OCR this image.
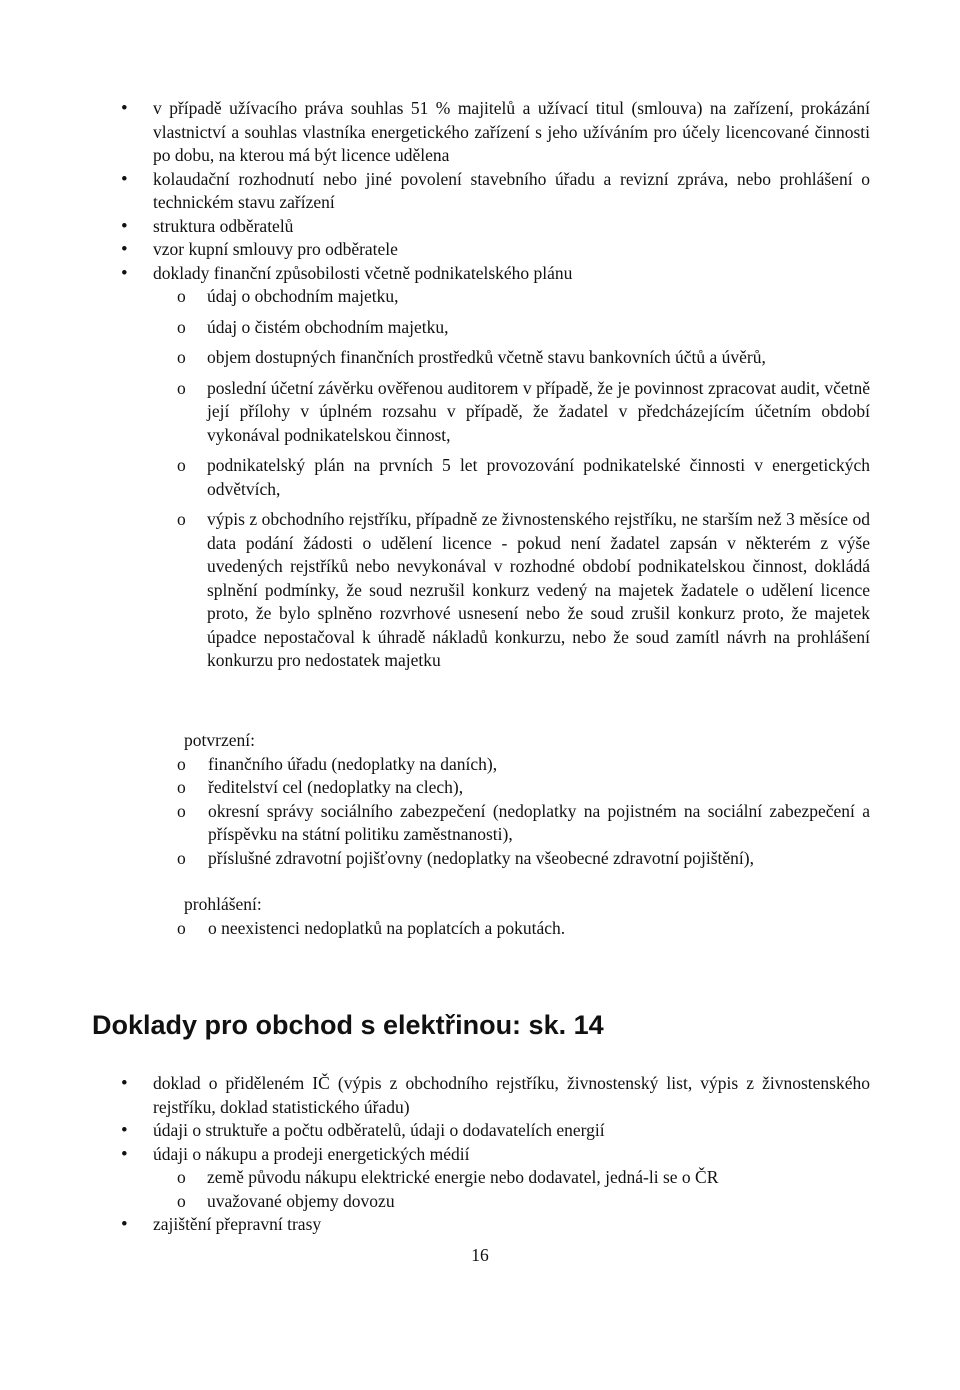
• v případě užívacího práva souhlas 51 % majitelů a užívací titul (smlouva) na zařízení, prokázání vlastnictví a souhlas vlastníka energetického zařízení s jeho užíváním pro účely licencované činnosti po dobu, na kterou má být licence udělena
• kolaudační rozhodnutí nebo jiné povolení stavebního úřadu a revizní zpráva, nebo prohlášení o technickém stavu zařízení
• struktura odběratelů
• vzor kupní smlouvy pro odběratele
• doklady finanční způsobilosti včetně podnikatelského plánu
o údaj o obchodním majetku,
o údaj o čistém obchodním majetku,
o objem dostupných finančních prostředků včetně stavu bankovních účtů a úvěrů,
o poslední účetní závěrku ověřenou auditorem v případě, že je povinnost zpracovat audit, včetně její přílohy v úplném rozsahu v případě, že žadatel v předcházejícím účetním období vykonával podnikatelskou činnost,
o podnikatelský plán na prvních 5 let provozování podnikatelské činnosti v energetických odvětvích,
o výpis z obchodního rejstříku, případně ze živnostenského rejstříku, ne starším než 3 měsíce od data podání žádosti o udělení licence - pokud není žadatel zapsán v některém z výše uvedených rejstříků nebo nevykonával v rozhodné období podnikatelskou činnost, dokládá splnění podmínky, že soud nezrušil konkurz vedený na majetek žadatele o udělení licence proto, že bylo splněno rozvrhové usnesení nebo že soud zrušil konkurz proto, že majetek úpadce nepostačoval k úhradě nákladů konkurzu, nebo že soud zamítl návrh na prohlášení konkurzu pro nedostatek majetku
potvrzení:
o finančního úřadu (nedoplatky na daních),
o ředitelství cel (nedoplatky na clech),
o okresní správy sociálního zabezpečení (nedoplatky na pojistném na sociální zabezpečení a příspěvku na státní politiku zaměstnanosti),
o příslušné zdravotní pojišťovny (nedoplatky na všeobecné zdravotní pojištění),
prohlášení:
o o neexistenci nedoplatků na poplatcích a pokutách.
Doklady pro obchod s elektřinou: sk. 14
• doklad o přiděleném IČ (výpis z obchodního rejstříku, živnostenský list, výpis z živnostenského rejstříku, doklad statistického úřadu)
• údaji o struktuře a počtu odběratelů, údaji o dodavatelích energií
• údaji o nákupu a prodeji energetických médií
o země původu nákupu elektrické energie nebo dodavatel, jedná-li se o ČR
o uvažované objemy dovozu
• zajištění přepravní trasy
16
